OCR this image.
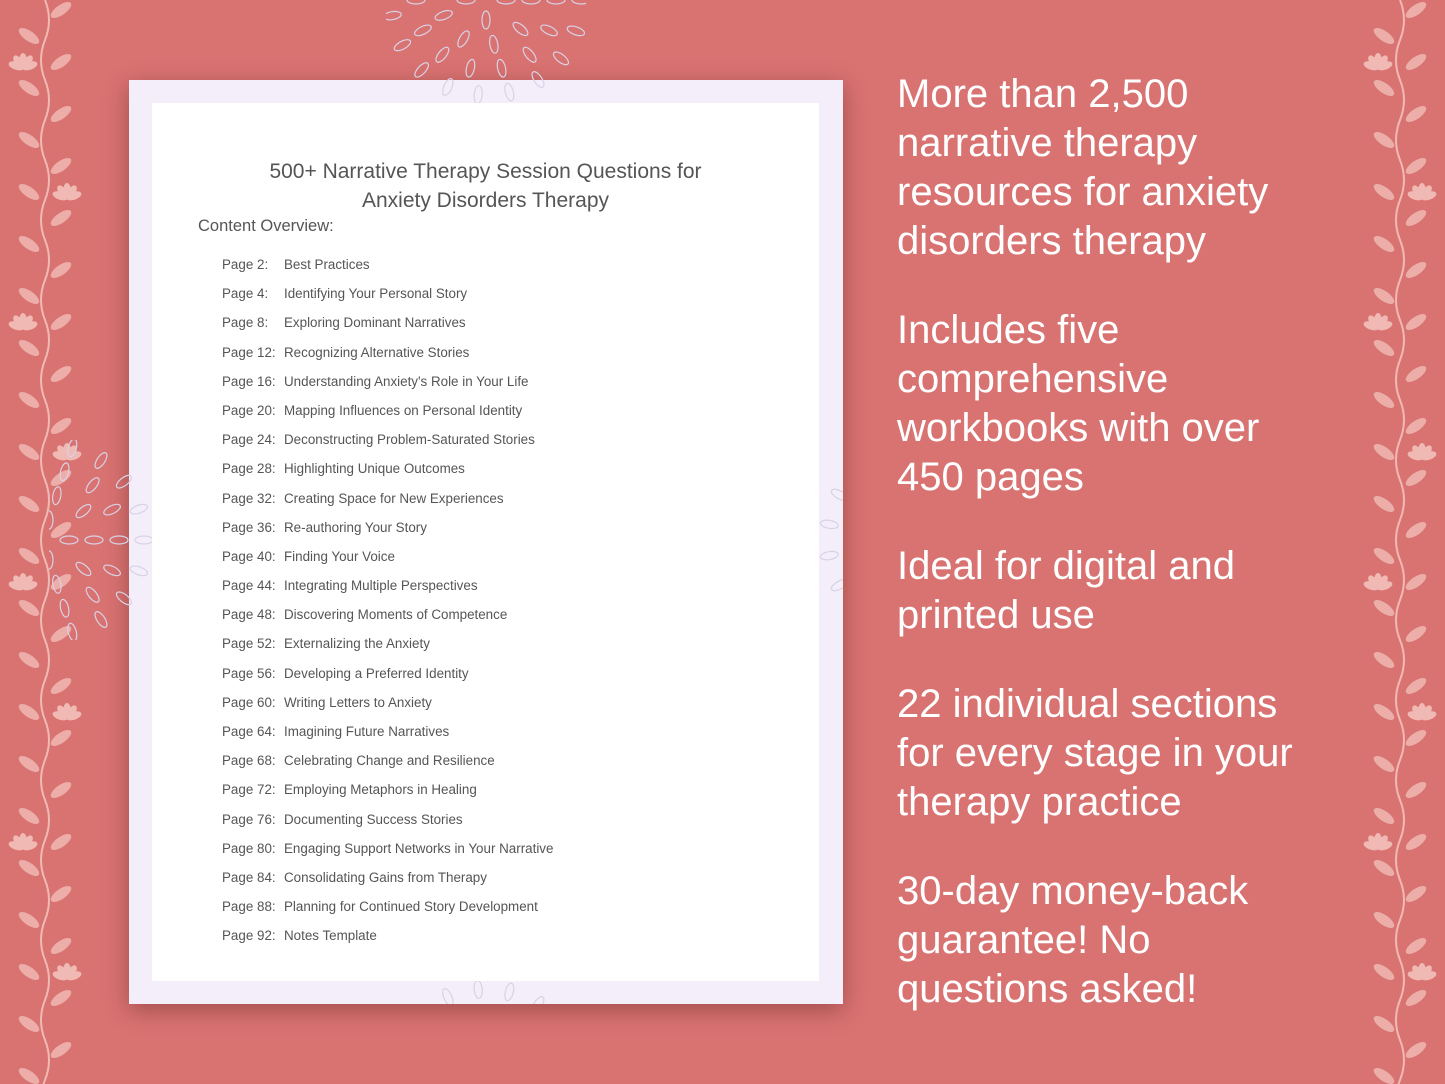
500+ Narrative Therapy Session Questions for
Anxiety Disorders Therapy
Content Overview:
Page 2: Best Practices
Page 4: Identifying Your Personal Story
Page 8: Exploring Dominant Narratives
Page 12: Recognizing Alternative Stories
Page 16: Understanding Anxiety's Role in Your Life
Page 20: Mapping Influences on Personal Identity
Page 24: Deconstructing Problem-Saturated Stories
Page 28: Highlighting Unique Outcomes
Page 32: Creating Space for New Experiences
Page 36: Re-authoring Your Story
Page 40: Finding Your Voice
Page 44: Integrating Multiple Perspectives
Page 48: Discovering Moments of Competence
Page 52: Externalizing the Anxiety
Page 56: Developing a Preferred Identity
Page 60: Writing Letters to Anxiety
Page 64: Imagining Future Narratives
Page 68: Celebrating Change and Resilience
Page 72: Employing Metaphors in Healing
Page 76: Documenting Success Stories
Page 80: Engaging Support Networks in Your Narrative
Page 84: Consolidating Gains from Therapy
Page 88: Planning for Continued Story Development
Page 92: Notes Template
More than 2,500
narrative therapy
resources for anxiety
disorders therapy
Includes five
comprehensive
workbooks with over
450 pages
Ideal for digital and
printed use
22 individual sections
for every stage in your
therapy practice
30-day money-back
guarantee! No
questions asked!
